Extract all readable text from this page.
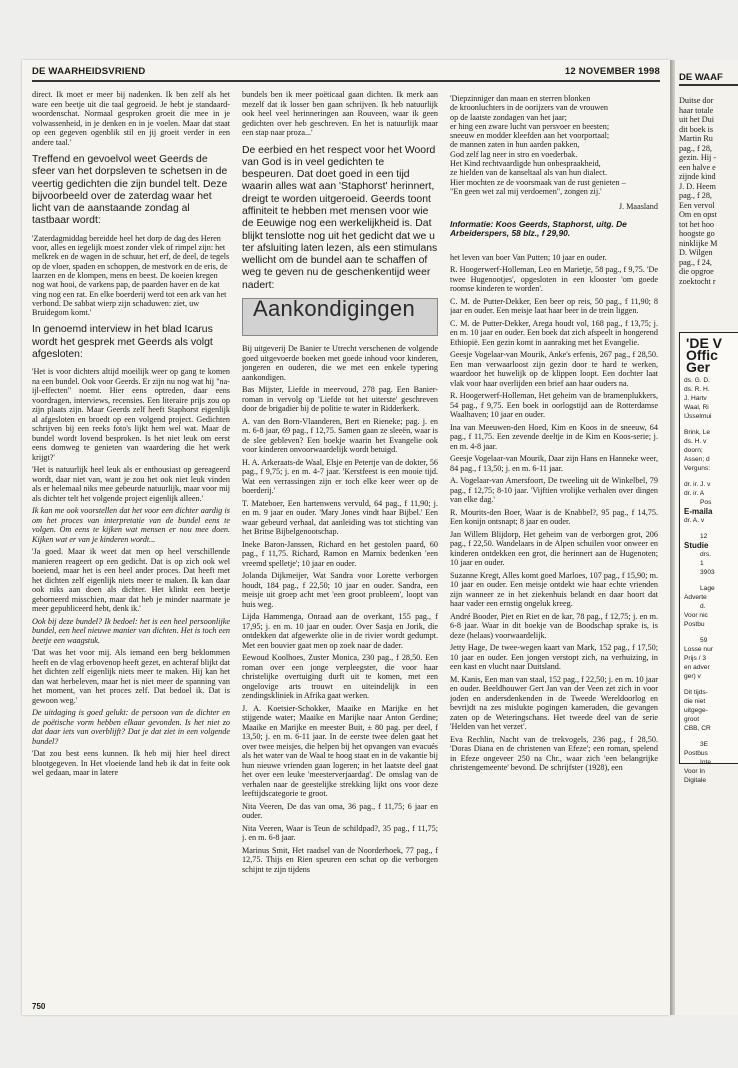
DE WAARHEIDSVRIEND	12 NOVEMBER 1998

direct. Ik moet er meer bij nadenken. Ik ben zelf als het ware een beetje uit die taal gegroeid. Je hebt je standaard-woordenschat. Normaal gesproken groeit die mee in je volwassenheid, in je denken en in je voelen. Maar dat staat op een gegeven ogenblik stil en jij groeit verder in een andere taal.'

Treffend en gevoelvol weet Geerds de sfeer van het dorpsleven te schetsen in de veertig gedichten die zijn bundel telt. Deze bijvoorbeeld over de zaterdag waar het licht van de aanstaande zondag al tastbaar wordt:

'Zaterdagmiddag bereidde heel het dorp de dag des Heren voor, alles en iegelijk moest zonder vlek of rimpel zijn: het melkrek en de wagen in de schuur, het erf, de deel, de tegels op de vloer, spaden en schoppen, de mestvork en de eris, de laarzen en de klompen, mens en beest. De koeien kregen nog wat hooi, de varkens pap, de paarden haver en de kat ving nog een rat. En elke boerderij werd tot een ark van het verbond. De sabbat wierp zijn schaduwen: ziet, uw Bruidegom komt.'

In genoemd interview in het blad Icarus wordt het gesprek met Geerds als volgt afgesloten:

'Het is voor dichters altijd moeilijk weer op gang te komen na een bundel. Ook voor Geerds. Er zijn nu nog wat hij "na-ijl-effecten" noemt. Hier eens optreden, daar eens voordragen, interviews, recensies. Een literaire prijs zou op zijn plaats zijn. Maar Geerds zelf heeft Staphorst eigenlijk al afgesloten en broedt op een volgend project. Gedichten schrijven bij een reeks foto's lijkt hem wel wat. Maar de bundel wordt lovend besproken. Is het niet leuk om eerst eens domweg te genieten van waardering die het werk krijgt?'

'Het is natuurlijk heel leuk als er enthousiast op gereageerd wordt, daar niet van, want je zou het ook niet leuk vinden als er helemaal niks mee gebeurde natuurlijk, maar voor mij als dichter telt het volgende project eigenlijk alleen.'

Ik kan me ook voorstellen dat het voor een dichter aardig is om het proces van interpretatie van de bundel eens te volgen. Om eens te kijken wat mensen er nou mee doen. Kijken wat er van je kinderen wordt...

'Ja goed. Maar ik weet dat men op heel verschillende manieren reageert op een gedicht. Dat is op zich ook wel boeiend, maar het is een heel ander proces. Dat heeft met het dichten zelf eigenlijk niets meer te maken. Ik kan daar ook niks aan doen als dichter. Het klinkt een beetje geborneerd misschien, maar dat heb je minder naarmate je meer gepubliceerd hebt, denk ik.'

Ook bij deze bundel? Ik bedoel: het is een heel persoonlijke bundel, een heel nieuwe manier van dichten. Het is toch een beetje een waagstuk.

'Dat was het voor mij. Als iemand een berg beklommen heeft en de vlag erbovenop heeft gezet, en achteraf blijkt dat het dichten zelf eigenlijk niets meer te maken. Hij kan het dan wat herbeleven, maar het is niet meer de spanning van het moment, van het proces zelf. Dat bedoel ik. Dat is gewoon weg.'

De uitdaging is goed gelukt: de persoon van de dichter en de poëtische vorm hebben elkaar gevonden. Is het niet zo dat daar iets van overblijft? Dat je dat ziet in een volgende bundel?

'Dat zou best eens kunnen. Ik heb mij hier heel direct blootgegeven. In Het vloeiende land heb ik dat in feite ook wel gedaan, maar in latere

bundels ben ik meer poëticaal gaan dichten. Ik merk aan mezelf dat ik losser ben gaan schrijven. Ik heb natuurlijk ook heel veel herinneringen aan Rouveen, waar ik geen gedichten over heb geschreven. En het is natuurlijk maar een stap naar proza...'

De eerbied en het respect voor het Woord van God is in veel gedichten te bespeuren. Dat doet goed in een tijd waarin alles wat aan 'Staphorst' herinnert, dreigt te worden uitgeroeid. Geerds toont affiniteit te hebben met mensen voor wie de Eeuwige nog een werkelijkheid is. Dat blijkt tenslotte nog uit het gedicht dat we u ter afsluiting laten lezen, als een stimulans wellicht om de bundel aan te schaffen of weg te geven nu de geschenkentijd weer nadert:

Aankondigingen

Bij uitgeverij De Banier te Utrecht verschenen de volgende goed uitgevoerde boeken met goede inhoud voor kinderen, jongeren en ouderen, die we met een enkele typering aankondigen.

Bas Mijster, Liefde in meervoud, 278 pag. Een Banier-roman in vervolg op 'Liefde tot het uiterste' geschreven door de brigadier bij de politie te water in Ridderkerk.

A. van den Born-Vlaanderen, Bert en Rieneke; pag. j. en m. 6-8 jaar, 69 pag., f 12,75. Samen gaan ze sleeën, waar is de slee gebleven? Een boekje waarin het Evangelie ook voor kinderen onvoorwaardelijk wordt betuigd.

H. A. Arkeraats-de Waal, Elsje en Petertje van de dokter, 56 pag., f 9,75; j. en m. 4-7 jaar. 'Kerstfeest is een mooie tijd. Wat een verrassingen zijn er toch elke keer weer op de boerderij.'

T. Mateboer, Een hartenwens vervuld, 64 pag., f 11,90; j. en m. 9 jaar en ouder. 'Mary Jones vindt haar Bijbel.' Een waar gebeurd verhaal, dat aanleiding was tot stichting van het Britse Bijbelgenootschap.

Ineke Baron-Janssen, Richard en het gestolen paard, 60 pag., f 11,75. Richard, Ramon en Marnix bedenken 'een vreemd spelletje'; 10 jaar en ouder.

Jolanda Dijkmeijer, Wat Sandra voor Lorette verborgen houdt, 184 pag., f 22,50; 10 jaar en ouder. Sandra, een meisje uit groep acht met 'een groot probleem', loopt van huis weg.

Lijda Hammenga, Onraad aan de overkant, 155 pag., f 17,95; j. en m. 10 jaar en ouder. Over Sasja en Jorik, die ontdekken dat afgewerkte olie in de rivier wordt gedumpt. Met een bouvier gaat men op zoek naar de dader.

Eewoud Koolhoes, Zuster Monica, 230 pag., f 28,50. Een roman over een jonge verpleegster, die voor haar christelijke overtuiging durft uit te komen, met een ongelovige arts trouwt en uiteindelijk in een zendingskliniek in Afrika gaat werken.

J. A. Koetsier-Schokker, Maaike en Marijke en het stijgende water; Maaike en Marijke naar Anton Gerdine; Maaike en Marijke en meester Buit, ± 80 pag. per deel, f 13,50; j. en m. 6-11 jaar. In de eerste twee delen gaat het over twee meisjes, die helpen bij het opvangen van evacués als het water van de Waal te hoog staat en in de vakantie bij hun nieuwe vrienden gaan logeren; in het laatste deel gaat het over een leuke 'meesterverjaardag'. De omslag van de verhalen naar de geestelijke strekking lijkt ons voor deze leeftijdscategorie te groot.

Nita Veeren, De das van oma, 36 pag., f 11,75; 6 jaar en ouder.

Nita Veeren, Waar is Teun de schildpad?, 35 pag., f 11,75; j. en m. 6-8 jaar.

Marinus Smit, Het raadsel van de Noorderhoek, 77 pag., f 12,75. Thijs en Rien speuren een schat op die verborgen schijnt te zijn tijdens

'Diepzinniger dan maan en sterren blonken
de kroonluchters in de oorijzers van de vrouwen
op de laatste zondagen van het jaar;
er hing een zware lucht van persvoer en beesten;
sneeuw en modder kleefden aan het voorportaal;
de mannen zaten in hun aarden pakken,
God zelf lag neer in stro en voederbak.
Het Kind rechtvaardigde hun onbespraakheid,
ze hielden van de kanseltaal als van hun dialect.
Hier mochten ze de voorsmaak van de rust genieten –
"En geen wet zal mij verdoemen", zongen zij.'

J. Maasland

Informatie: Koos Geerds, Staphorst, uitg. De Arbeiderspers, 58 blz., f 29,90.

het leven van boer Van Putten; 10 jaar en ouder.

R. Hoogerwerf-Holleman, Leo en Marietje, 58 pag., f 9,75. 'De twee Hugenootjes', opgesloten in een klooster 'om goede roomse kinderen te worden'.

C. M. de Putter-Dekker, Een beer op reis, 50 pag., f 11,90; 8 jaar en ouder. Een meisje laat haar beer in de trein liggen.

C. M. de Putter-Dekker, Arega houdt vol, 168 pag., f 13,75; j. en m. 10 jaar en ouder. Een boek dat zich afspeelt in hongerend Ethiopië. Een gezin komt in aanraking met het Evangelie.

Geesje Vogelaar-van Mourik, Anke's erfenis, 267 pag., f 28,50. Een man verwaarloost zijn gezin door te hard te werken, waardoor het huwelijk op de klippen loopt. Een dochter laat vlak voor haar overlijden een brief aan haar ouders na.

R. Hoogerwerf-Holleman, Het geheim van de bramenplukkers, 54 pag., f 9,75. Een boek in oorlogstijd aan de Rotterdamse Waalhaven; 10 jaar en ouder.

Ina van Meeuwen-den Hoed, Kim en Koos in de sneeuw, 64 pag., f 11,75. Een zevende deeltje in de Kim en Koos-serie; j. en m. 4-8 jaar.

Geesje Vogelaar-van Mourik, Daar zijn Hans en Hanneke weer, 84 pag., f 13,50; j. en m. 6-11 jaar.

A. Vogelaar-van Amersfoort, De tweeling uit de Winkelbel, 79 pag., f 12,75; 8-10 jaar. 'Vijftien vrolijke verhalen over dingen van elke dag.'

R. Mourits-den Boer, Waar is de Knabbel?, 95 pag., f 14,75. Een konijn ontsnapt; 8 jaar en ouder.

Jan Willem Blijdorp, Het geheim van de verborgen grot, 206 pag., f 22,50. Wandelaars in de Alpen schuilen voor onweer en kinderen ontdekken een grot, die herinnert aan de Hugenoten; 10 jaar en ouder.

Suzanne Kregt, Alles komt goed Marloes, 107 pag., f 15,90; m. 10 jaar en ouder. Een meisje ontdekt wie haar echte vrienden zijn wanneer ze in het ziekenhuis belandt en daar hoort dat haar vader een ernstig ongeluk kreeg.

André Booder, Piet en Riet en de kar, 78 pag., f 12,75; j. en m. 6-8 jaar. Waar in dit boekje van de Boodschap sprake is, is deze (helaas) voorwaardelijk.

Jetty Hage, De twee-wegen kaart van Mark, 152 pag., f 17,50; 10 jaar en ouder. Een jongen verstopt zich, na verhuizing, in een kast en vlucht naar Duitsland.

M. Kanis, Een man van staal, 152 pag., f 22,50; j. en m. 10 jaar en ouder. Beeldhouwer Gert Jan van der Veen zet zich in voor joden en andersdenkenden in de Tweede Wereldoorlog en bevrijdt na zes mislukte pogingen kameraden, die gevangen zaten op de Weteringschans. Het tweede deel van de serie 'Helden van het verzet'.

Eva Rechlin, Nacht van de trekvogels, 236 pag., f 28,50. 'Doras Diana en de christenen van Efeze'; een roman, spelend in Efeze ongeveer 250 na Chr., waar zich 'een belangrijke christengemeente' bevond. De schrijfster (1928), een

750
DE WAAF
Duitse dor
haar totale
uit het Dui
dit boek is
Martin Ru
pag., f 28,
gezin. Hij -
een halve e
zijnde kind
J. D. Heem
pag., f 28,
Een vervol
Om en opst
tot het hoo
hoogste go
ninklijke M
D. Wilgen
pag., f 24,
die opgroe
zoektocht r
'DE V
Offic
Ger
ds. G. D.
ds. R. H.
J. Hartv
Waal, Ri
IJsselmui
Brink, Le
ds. H. v
doorn;
Assen; d
Verguns:
dr. ir. J. v
dr. ir. A
Pos
E-maila
dr. A. v
12
Studie
drs.
1
3903
Lage
Adverte
d.
Voor nic
Postbu
59
Losse nur
Prijs / 3
en adver
ger) v
Dit tijds-
die niet
uitgege-
groot
CBB, CR
3E
Postbus
Inte
Voor In
Digitale
